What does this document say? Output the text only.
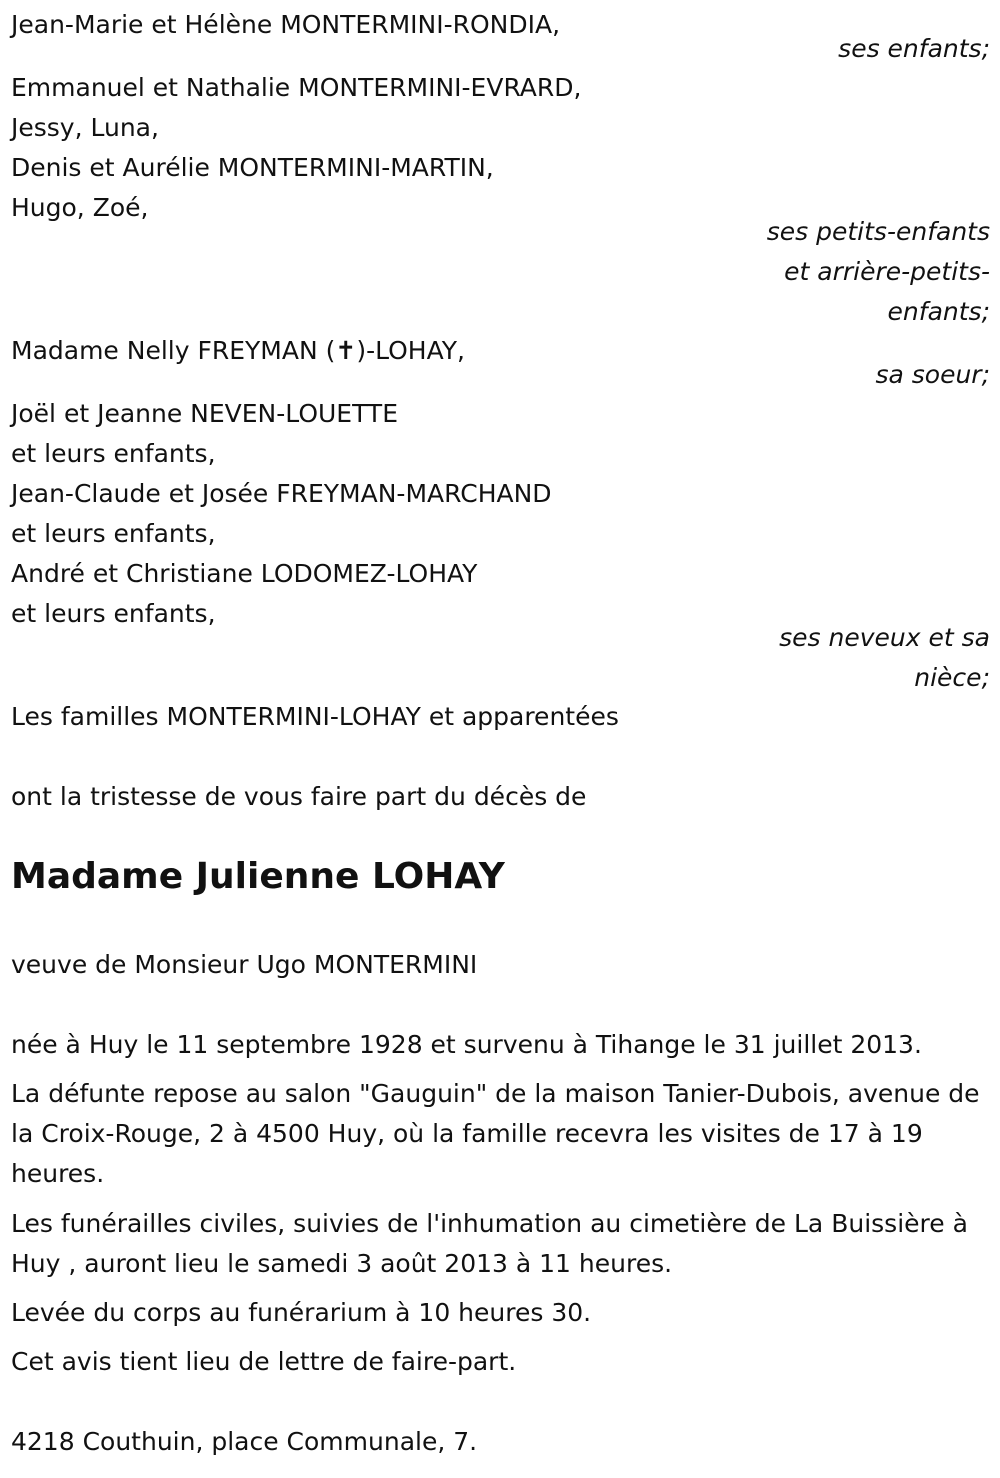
Jean-Marie et Hélène MONTERMINI-RONDIA,
ses enfants;
Emmanuel et Nathalie MONTERMINI-EVRARD,
Jessy, Luna,
Denis et Aurélie MONTERMINI-MARTIN,
Hugo, Zoé,
ses petits-enfants
et arrière-petits-
enfants;
Madame Nelly FREYMAN (✝)-LOHAY,
sa soeur;
Joël et Jeanne NEVEN-LOUETTE
et leurs enfants,
Jean-Claude et Josée FREYMAN-MARCHAND
et leurs enfants,
André et Christiane LODOMEZ-LOHAY
et leurs enfants,
ses neveux et sa
nièce;
Les familles MONTERMINI-LOHAY et apparentées
ont la tristesse de vous faire part du décès de
Madame Julienne LOHAY
veuve de Monsieur Ugo MONTERMINI
née à Huy le 11 septembre 1928 et survenu à Tihange le 31 juillet 2013.
La défunte repose au salon "Gauguin" de la maison Tanier-Dubois, avenue de la Croix-Rouge, 2 à 4500 Huy, où la famille recevra les visites de 17 à 19 heures.
Les funérailles civiles, suivies de l'inhumation au cimetière de La Buissière à Huy , auront lieu le samedi 3 août 2013 à 11 heures.
Levée du corps au funérarium à 10 heures 30.
Cet avis tient lieu de lettre de faire-part.
4218 Couthuin, place Communale, 7.
